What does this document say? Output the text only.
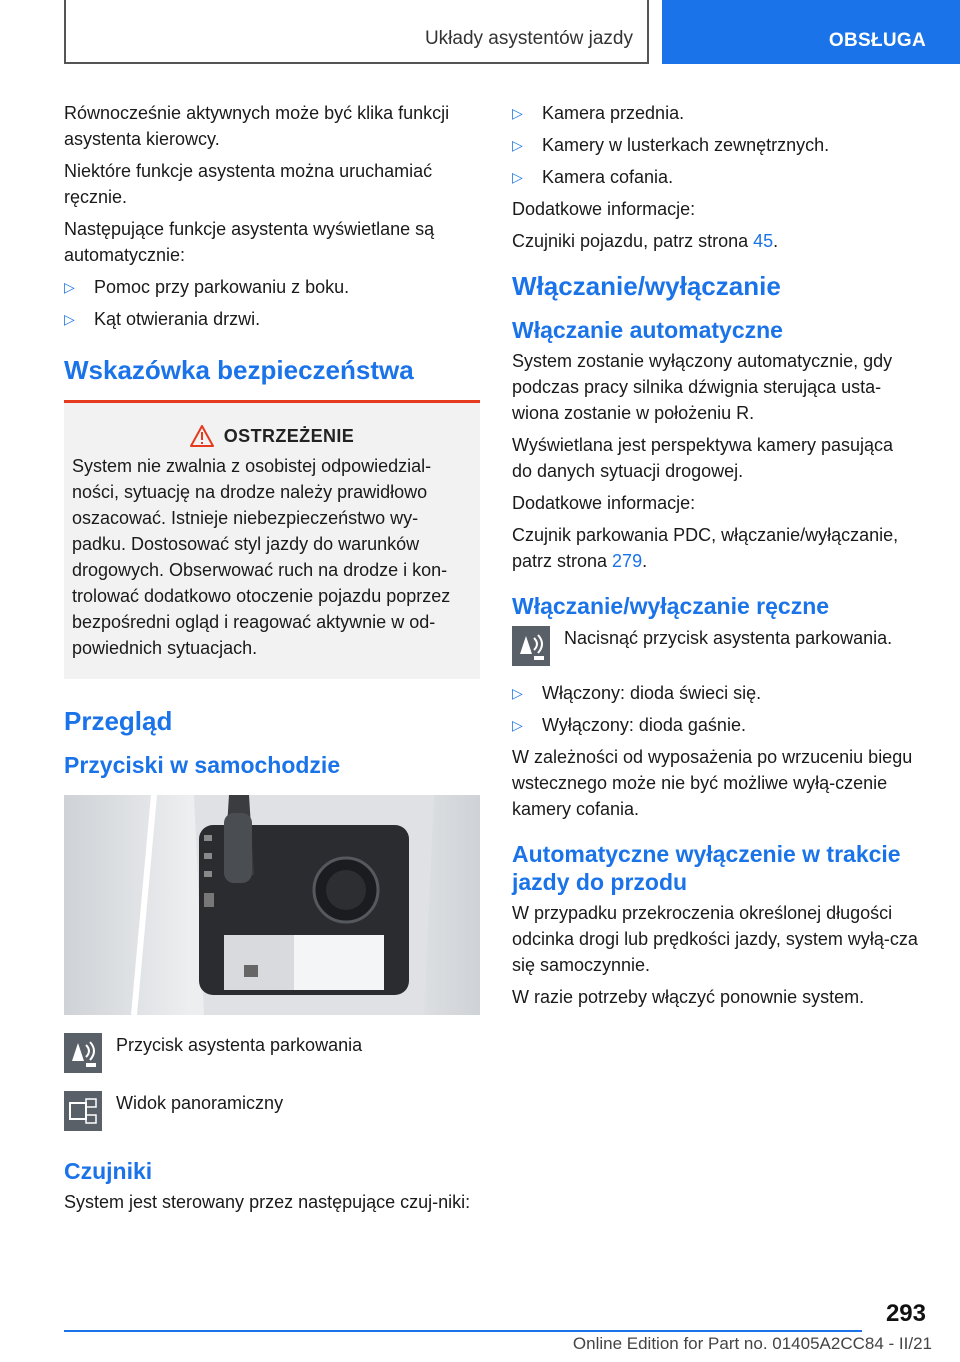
Układy asystentów jazdy	OBSŁUGA

Równocześnie aktywnych może być klika funkcji asystenta kierowcy.

Niektóre funkcje asystenta można uruchamiać ręcznie.

Następujące funkcje asystenta wyświetlane są automatycznie:

▷ Pomoc przy parkowaniu z boku.
▷ Kąt otwierania drzwi.
Wskazówka bezpieczeństwa
OSTRZEŻENIE

System nie zwalnia z osobistej odpowiedzial-ności, sytuację na drodze należy prawidłowo oszacować. Istnieje niebezpieczeństwo wy-padku. Dostosować styl jazdy do warunków drogowych. Obserwować ruch na drodze i kon-trolować dodatkowo otoczenie pojazdu poprzez bezpośredni ogląd i reagować aktywnie w od-powiednich sytuacjach.

Przegląd
Przyciski w samochodzie
Przycisk asystenta parkowania
Widok panoramiczny
Czujniki

System jest sterowany przez następujące czuj-niki:

▷ Kamera przednia.
▷ Kamery w lusterkach zewnętrznych.
▷ Kamera cofania.

Dodatkowe informacje:

Czujniki pojazdu, patrz strona 45.

Włączanie/wyłączanie
Włączanie automatyczne

System zostanie wyłączony automatycznie, gdy podczas pracy silnika dźwignia sterująca usta-wiona zostanie w położeniu R.

Wyświetlana jest perspektywa kamery pasująca do danych sytuacji drogowej.

Dodatkowe informacje:

Czujnik parkowania PDC, włączanie/wyłączanie, patrz strona 279.

Włączanie/wyłączanie ręczne
Nacisnąć przycisk asystenta parkowania.
▷ Włączony: dioda świeci się.
▷ Wyłączony: dioda gaśnie.

W zależności od wyposażenia po wrzuceniu biegu wstecznego może nie być możliwe wyłą-czenie kamery cofania.

Automatyczne wyłączenie w trakcie jazdy do przodu

W przypadku przekroczenia określonej długości odcinka drogi lub prędkości jazdy, system wyłą-cza się samoczynnie.

W razie potrzeby włączyć ponownie system.

293
Online Edition for Part no. 01405A2CC84 - II/21
